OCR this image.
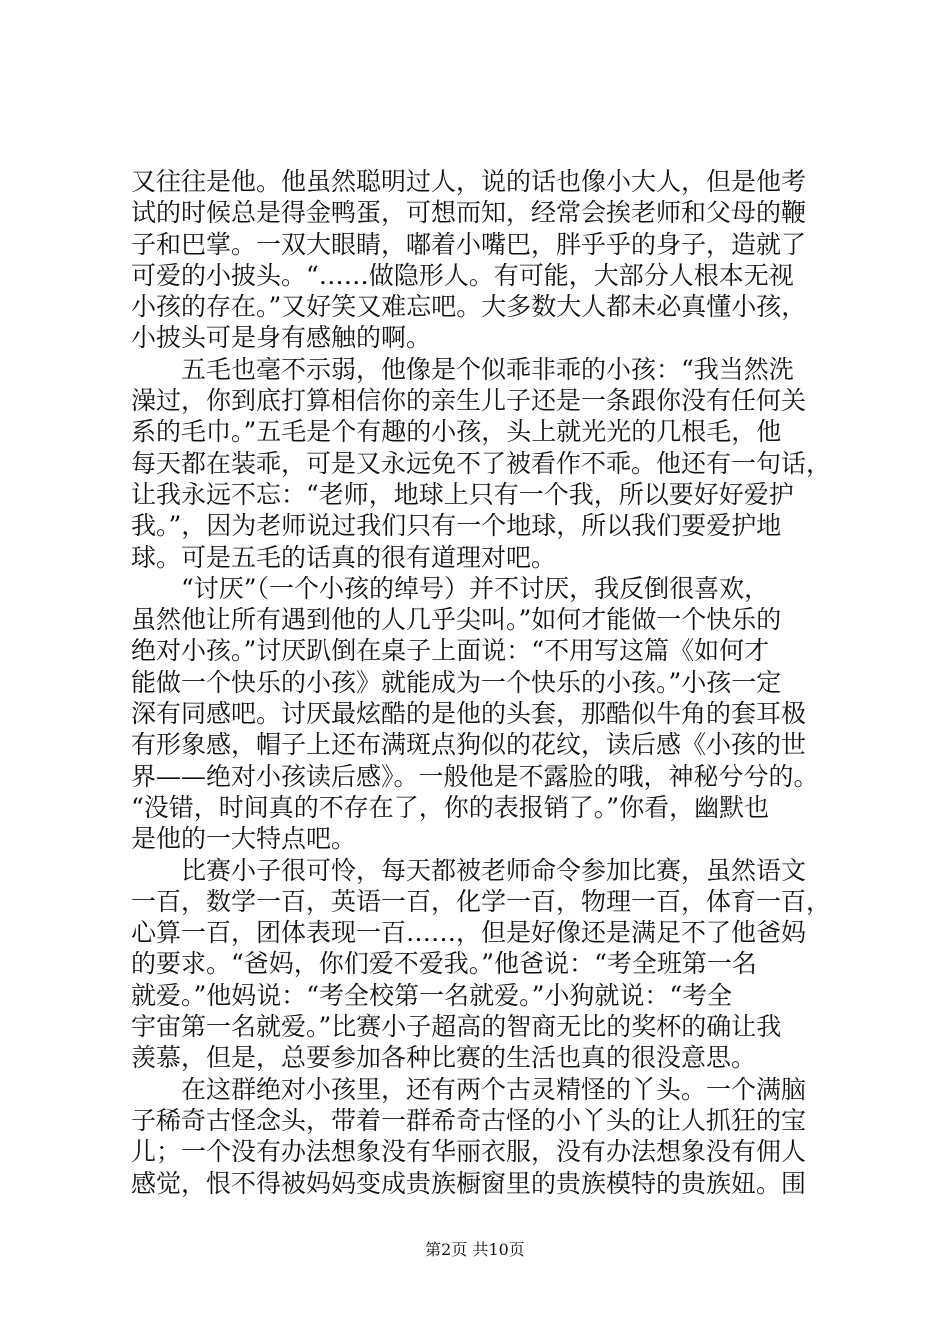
又往往是他。他虽然聪明过人，说的话也像小大人，但是他考
试的时候总是得金鸭蛋，可想而知，经常会挨老师和父母的鞭
子和巴掌。一双大眼睛，嘟着小嘴巴，胖乎乎的身子，造就了
可爱的小披头。“……做隐形人。有可能，大部分人根本无视
小孩的存在。”又好笑又难忘吧。大多数大人都未必真懂小孩，
小披头可是身有感触的啊。
五毛也毫不示弱，他像是个似乖非乖的小孩：“我当然洗
澡过，你到底打算相信你的亲生儿子还是一条跟你没有任何关
系的毛巾。”五毛是个有趣的小孩，头上就光光的几根毛，他
每天都在装乖，可是又永远免不了被看作不乖。他还有一句话，
让我永远不忘：“老师，地球上只有一个我，所以要好好爱护
我。”，因为老师说过我们只有一个地球，所以我们要爱护地
球。可是五毛的话真的很有道理对吧。
“讨厌”（一个小孩的绰号）并不讨厌，我反倒很喜欢，
虽然他让所有遇到他的人几乎尖叫。”如何才能做一个快乐的
绝对小孩。”讨厌趴倒在桌子上面说：“不用写这篇《如何才
能做一个快乐的小孩》就能成为一个快乐的小孩。”小孩一定
深有同感吧。讨厌最炫酷的是他的头套，那酷似牛角的套耳极
有形象感，帽子上还布满斑点狗似的花纹，读后感《小孩的世
界——绝对小孩读后感》。一般他是不露脸的哦，神秘兮兮的。
“没错，时间真的不存在了，你的表报销了。”你看，幽默也
是他的一大特点吧。
比赛小子很可怜，每天都被老师命令参加比赛，虽然语文
一百，数学一百，英语一百，化学一百，物理一百，体育一百，
心算一百，团体表现一百……，但是好像还是满足不了他爸妈
的要求。“爸妈，你们爱不爱我。”他爸说：“考全班第一名
就爱。”他妈说：“考全校第一名就爱。”小狗就说：“考全
宇宙第一名就爱。”比赛小子超高的智商无比的奖杯的确让我
羡慕，但是，总要参加各种比赛的生活也真的很没意思。
在这群绝对小孩里，还有两个古灵精怪的丫头。一个满脑
子稀奇古怪念头，带着一群希奇古怪的小丫头的让人抓狂的宝
儿；一个没有办法想象没有华丽衣服，没有办法想象没有佣人
感觉，恨不得被妈妈变成贵族橱窗里的贵族模特的贵族妞。围
第2页 共10页
